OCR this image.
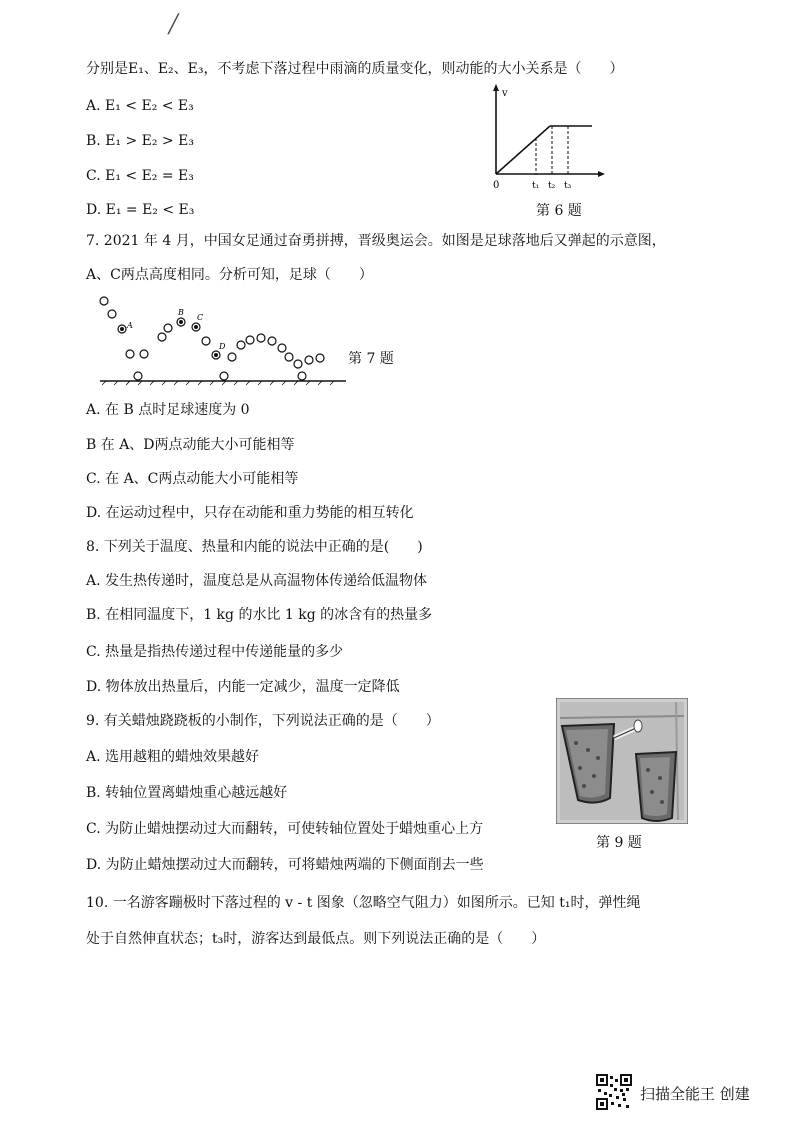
╱
分别是E₁、E₂、E₃，不考虑下落过程中雨滴的质量变化，则动能的大小关系是（　　）
A. E₁ < E₂ < E₃
B. E₁ > E₂ > E₃
C. E₁ < E₂ = E₃
D. E₁ = E₂ < E₃
v
0	t₁ t₂ t₃
第 6 题
7. 2021 年 4 月，中国女足通过奋勇拼搏，晋级奥运会。如图是足球落地后又弹起的示意图，
A、C两点高度相同。分析可知，足球（　　）
A
B
C
D
第 7 题
A. 在 B 点时足球速度为 0
B 在 A、D两点动能大小可能相等
C. 在 A、C两点动能大小可能相等
D. 在运动过程中，只存在动能和重力势能的相互转化
8. 下列关于温度、热量和内能的说法中正确的是(　　)
A. 发生热传递时，温度总是从高温物体传递给低温物体
B. 在相同温度下，1 kg 的水比 1 kg 的冰含有的热量多
C. 热量是指热传递过程中传递能量的多少
D. 物体放出热量后，内能一定减少，温度一定降低
9. 有关蜡烛跷跷板的小制作，下列说法正确的是（　　）
A. 选用越粗的蜡烛效果越好
B. 转轴位置离蜡烛重心越远越好
C. 为防止蜡烛摆动过大而翻转，可使转轴位置处于蜡烛重心上方
D. 为防止蜡烛摆动过大而翻转，可将蜡烛两端的下侧面削去一些
第 9 题
10. 一名游客蹦极时下落过程的 v - t 图象（忽略空气阻力）如图所示。已知 t₁时，弹性绳
处于自然伸直状态；t₃时，游客达到最低点。则下列说法正确的是（　　）
扫描全能王 创建
